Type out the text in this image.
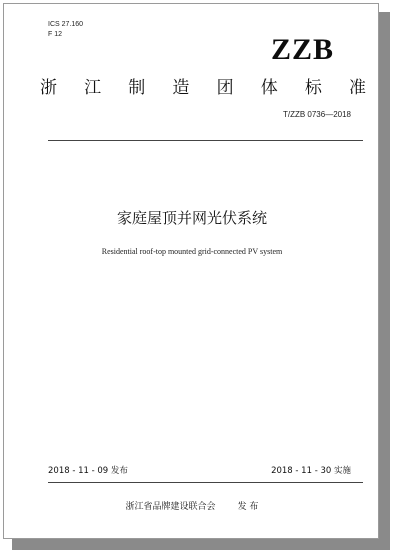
ICS 27.160
F 12	ZZB
浙 江 制 造 团 体 标 准
T/ZZB 0736—2018
家庭屋顶并网光伏系统
Residential roof-top mounted grid-connected PV system
2018 - 11 - 09 发布	2018 - 11 - 30 实施
浙江省品牌建设联合会 发 布
